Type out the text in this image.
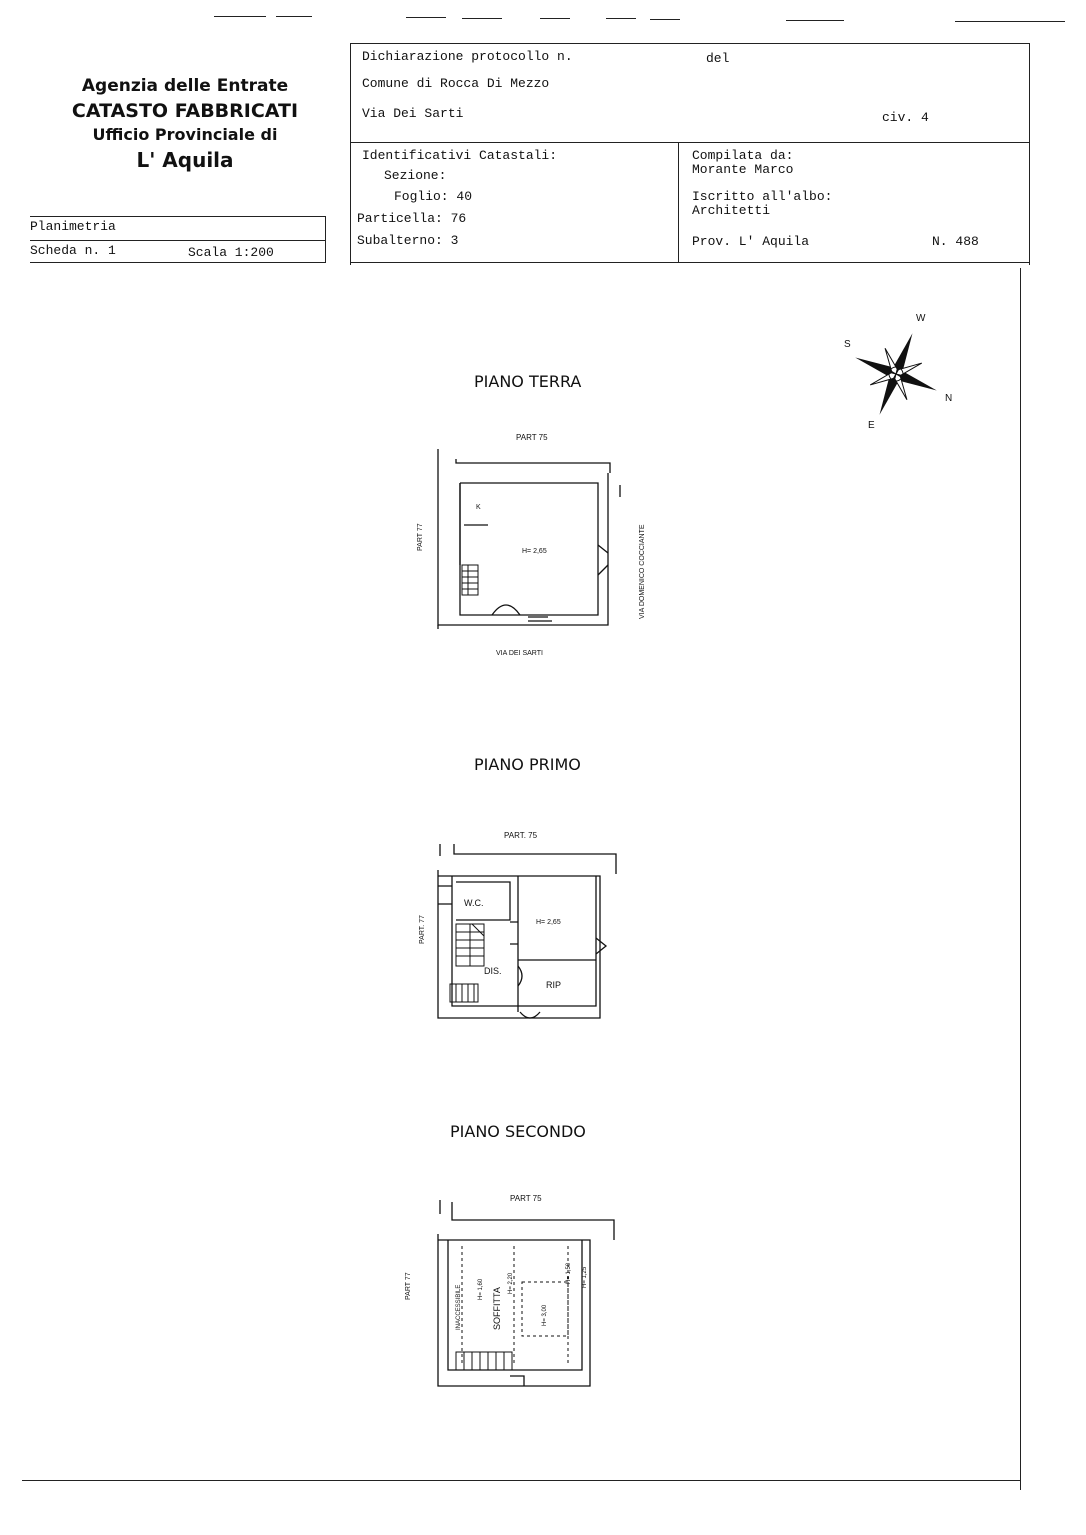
Agenzia delle Entrate
CATASTO FABBRICATI
Ufficio Provinciale di
L' Aquila
Planimetria
Scheda n. 1	Scala 1:200
Dichiarazione protocollo n.	del
Comune di Rocca Di Mezzo
Via Dei Sarti	civ. 4
Identificativi Catastali:
Sezione:
Foglio: 40
Particella: 76
Subalterno: 3
Compilata da:
Morante Marco
Iscritto all'albo:
Architetti
Prov. L' Aquila	N. 488
W
S
N
E
PIANO TERRA
PART 75
K
H= 2,65
PART 77	VIA DOMENICO COCCIANTE
VIA DEI SARTI
PIANO PRIMO
PART. 75
PART. 77
W.C.
H= 2,65
DIS.
RIP
PIANO SECONDO
PART 75
PART 77	INACCESSIBILE	H= 1,60 SOFFITTA
H= 2,20
H= 3,00
H= 1,50 H= 1,25
